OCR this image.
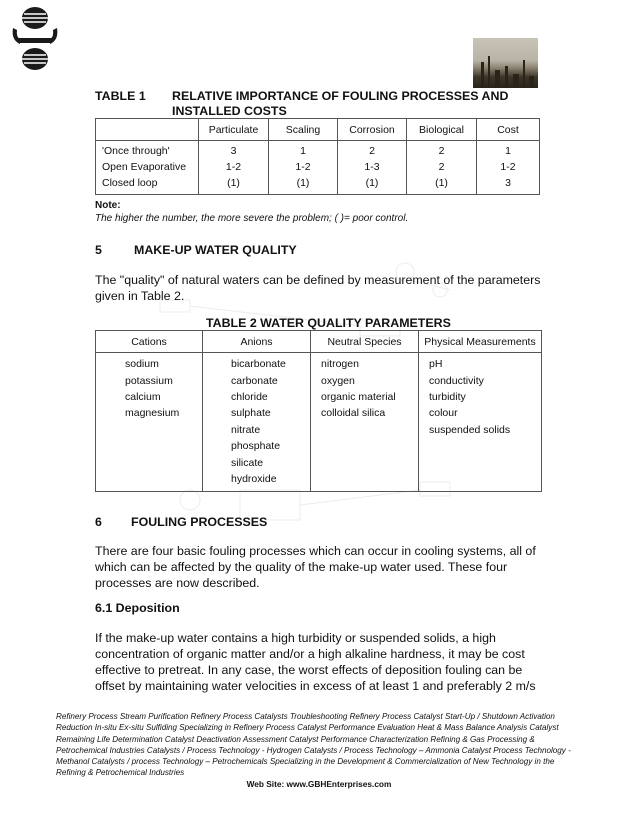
TABLE 1 RELATIVE IMPORTANCE OF FOULING PROCESSES AND INSTALLED COSTS
	Particulate	Scaling	Corrosion	Biological	Cost
'Once through'	3	1	2	2	1
Open Evaporative	1-2	1-2	1-3	2	1-2
Closed loop	(1)	(1)	(1)	(1)	3
Note:
The higher the number, the more severe the problem; ( )= poor control.
5	MAKE-UP WATER QUALITY
The "quality" of natural waters can be defined by measurement of the parameters given in Table 2.
TABLE 2 WATER QUALITY PARAMETERS
Cations	Anions	Neutral Species	Physical Measurements
sodium	bicarbonate	nitrogen	pH
potassium	carbonate	oxygen	conductivity
calcium	chloride	organic material	turbidity
magnesium	sulphate	colloidal silica	colour
	nitrate		suspended solids
	phosphate		
	silicate		
	hydroxide		
6 FOULING PROCESSES
There are four basic fouling processes which can occur in cooling systems, all of which can be affected by the quality of the make-up water used. These four processes are now described.
6.1 Deposition
If the make-up water contains a high turbidity or suspended solids, a high concentration of organic matter and/or a high alkaline hardness, it may be cost effective to pretreat. In any case, the worst effects of deposition fouling can be offset by maintaining water velocities in excess of at least 1 and preferably 2 m/s
Refinery Process Stream Purification Refinery Process Catalysts Troubleshooting Refinery Process Catalyst Start-Up / Shutdown Activation Reduction In-situ Ex-situ Sulfiding Specializing in Refinery Process Catalyst Performance Evaluation Heat & Mass Balance Analysis Catalyst Remaining Life Determination Catalyst Deactivation Assessment Catalyst Performance Characterization Refining & Gas Processing & Petrochemical Industries Catalysts / Process Technology - Hydrogen Catalysts / Process Technology – Ammonia Catalyst Process Technology - Methanol Catalysts / process Technology – Petrochemicals Specializing in the Development & Commercialization of New Technology in the Refining & Petrochemical Industries
Web Site: www.GBHEnterprises.com
